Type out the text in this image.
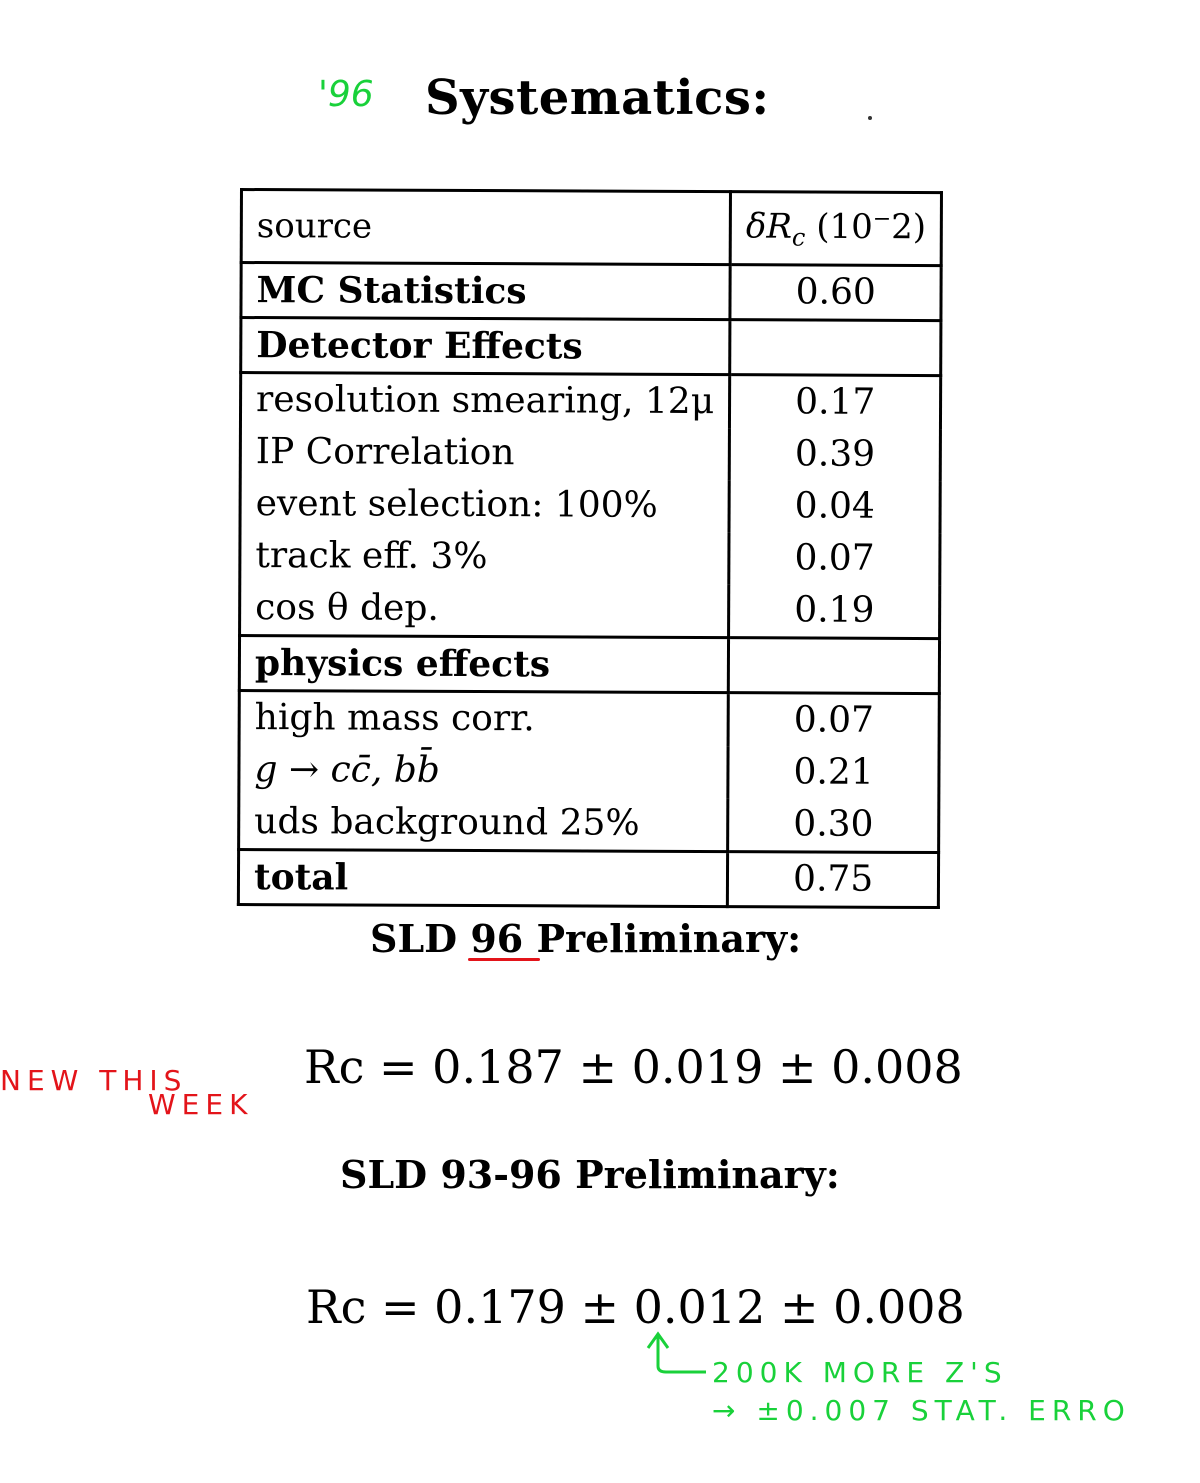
'96 Systematics:
source	$\delta R_c$ (10−2)
MC Statistics	0.60
Detector Effects	
resolution smearing, 12μ	0.17
IP Correlation	0.39
event selection: 100%	0.04
track eff. 3%	0.07
cos θ dep.	0.19
physics effects	
high mass corr.	0.07
g → cc̄, bb̄	0.21
uds background 25%	0.30
total	0.75
SLD 96 Preliminary:
Rc = 0.187 ± 0.019 ± 0.008
NEW THIS
WEEK
SLD 93-96 Preliminary:
Rc = 0.179 ± 0.012 ± 0.008
200K MORE Z'S
→ ±0.007 STAT. ERRO
